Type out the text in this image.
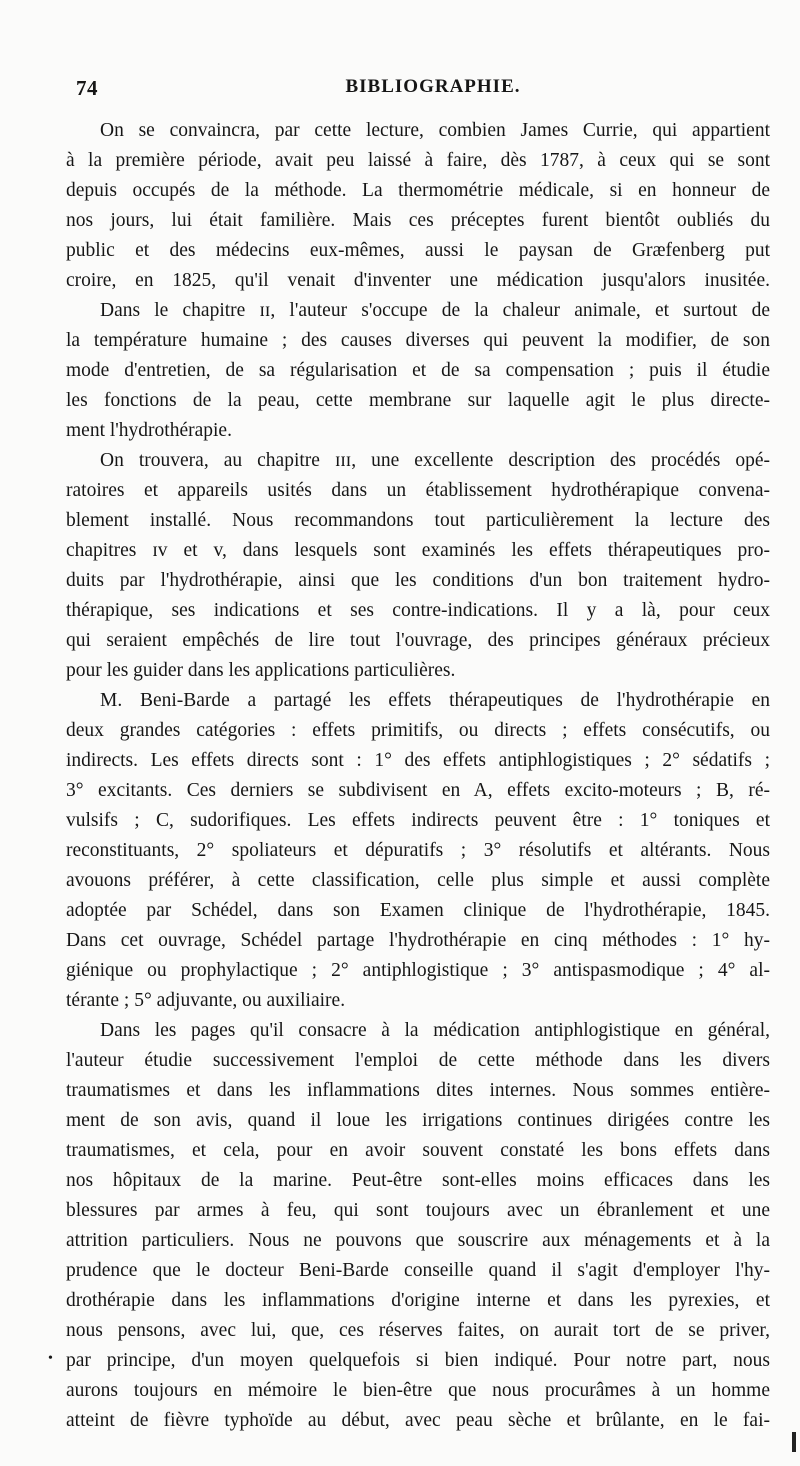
74	BIBLIOGRAPHIE.
On se convaincra, par cette lecture, combien James Currie, qui appartient
à la première période, avait peu laissé à faire, dès 1787, à ceux qui se sont
depuis occupés de la méthode. La thermométrie médicale, si en honneur de
nos jours, lui était familière. Mais ces préceptes furent bientôt oubliés du
public et des médecins eux-mêmes, aussi le paysan de Græfenberg put
croire, en 1825, qu'il venait d'inventer une médication jusqu'alors inusitée.
Dans le chapitre ɪɪ, l'auteur s'occupe de la chaleur animale, et surtout de
la température humaine ; des causes diverses qui peuvent la modifier, de son
mode d'entretien, de sa régularisation et de sa compensation ; puis il étudie
les fonctions de la peau, cette membrane sur laquelle agit le plus directe-
ment l'hydrothérapie.
On trouvera, au chapitre ɪɪɪ, une excellente description des procédés opé-
ratoires et appareils usités dans un établissement hydrothérapique convena-
blement installé. Nous recommandons tout particulièrement la lecture des
chapitres ɪv et v, dans lesquels sont examinés les effets thérapeutiques pro-
duits par l'hydrothérapie, ainsi que les conditions d'un bon traitement hydro-
thérapique, ses indications et ses contre-indications. Il y a là, pour ceux
qui seraient empêchés de lire tout l'ouvrage, des principes généraux précieux
pour les guider dans les applications particulières.
M. Beni-Barde a partagé les effets thérapeutiques de l'hydrothérapie en
deux grandes catégories : effets primitifs, ou directs ; effets consécutifs, ou
indirects. Les effets directs sont : 1° des effets antiphlogistiques ; 2° sédatifs ;
3° excitants. Ces derniers se subdivisent en A, effets excito-moteurs ; B, ré-
vulsifs ; C, sudorifiques. Les effets indirects peuvent être : 1° toniques et
reconstituants, 2° spoliateurs et dépuratifs ; 3° résolutifs et altérants. Nous
avouons préférer, à cette classification, celle plus simple et aussi complète
adoptée par Schédel, dans son Examen clinique de l'hydrothérapie, 1845.
Dans cet ouvrage, Schédel partage l'hydrothérapie en cinq méthodes : 1° hy-
giénique ou prophylactique ; 2° antiphlogistique ; 3° antispasmodique ; 4° al-
térante ; 5° adjuvante, ou auxiliaire.
Dans les pages qu'il consacre à la médication antiphlogistique en général,
l'auteur étudie successivement l'emploi de cette méthode dans les divers
traumatismes et dans les inflammations dites internes. Nous sommes entière-
ment de son avis, quand il loue les irrigations continues dirigées contre les
traumatismes, et cela, pour en avoir souvent constaté les bons effets dans
nos hôpitaux de la marine. Peut-être sont-elles moins efficaces dans les
blessures par armes à feu, qui sont toujours avec un ébranlement et une
attrition particuliers. Nous ne pouvons que souscrire aux ménagements et à la
prudence que le docteur Beni-Barde conseille quand il s'agit d'employer l'hy-
drothérapie dans les inflammations d'origine interne et dans les pyrexies, et
nous pensons, avec lui, que, ces réserves faites, on aurait tort de se priver,
par principe, d'un moyen quelquefois si bien indiqué. Pour notre part, nous
aurons toujours en mémoire le bien-être que nous procurâmes à un homme
atteint de fièvre typhoïde au début, avec peau sèche et brûlante, en le fai-
•
